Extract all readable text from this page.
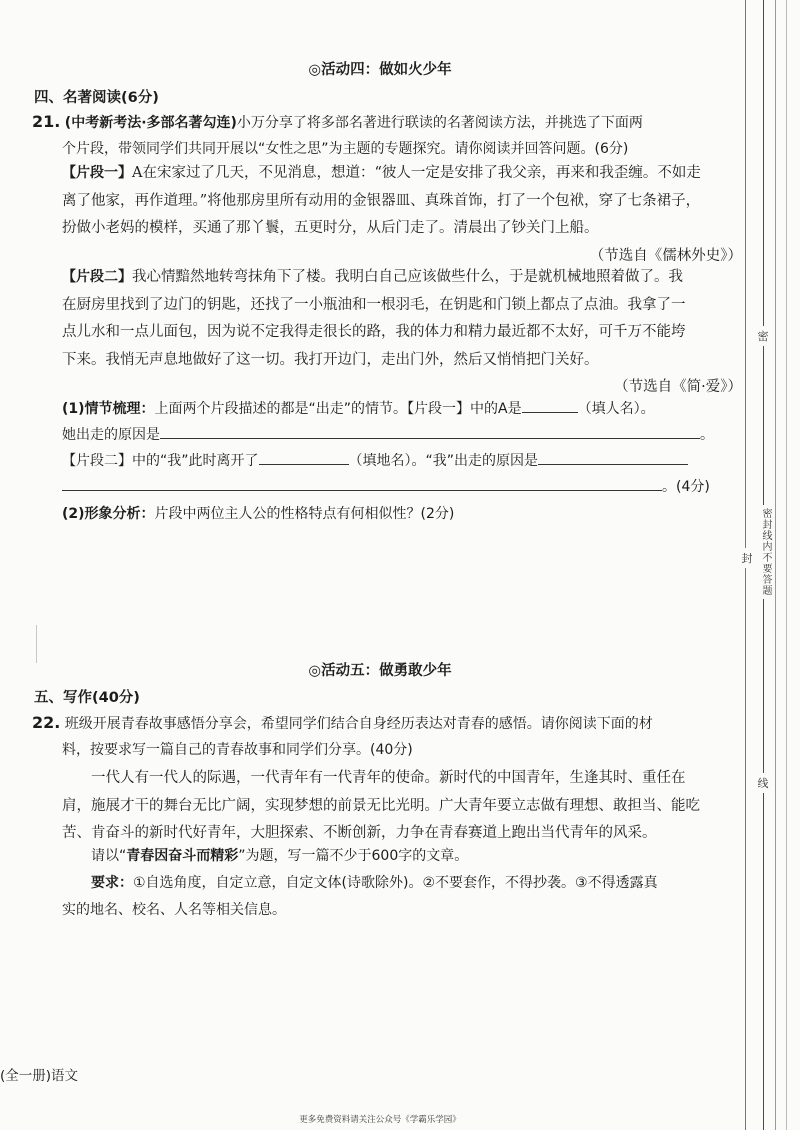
◎活动四：做如火少年
四、名著阅读(6分)
21. (中考新考法·多部名著勾连)小万分享了将多部名著进行联读的名著阅读方法，并挑选了下面两
个片段，带领同学们共同开展以“女性之思”为主题的专题探究。请你阅读并回答问题。(6分)
【片段一】A在宋家过了几天，不见消息，想道：“彼人一定是安排了我父亲，再来和我歪缠。不如走
离了他家，再作道理。”将他那房里所有动用的金银器皿、真珠首饰，打了一个包袱，穿了七条裙子，
扮做小老妈的模样，买通了那丫鬟，五更时分，从后门走了。清晨出了钞关门上船。
（节选自《儒林外史》）
【片段二】我心情黯然地转弯抹角下了楼。我明白自己应该做些什么，于是就机械地照着做了。我
在厨房里找到了边门的钥匙，还找了一小瓶油和一根羽毛，在钥匙和门锁上都点了点油。我拿了一
点儿水和一点儿面包，因为说不定我得走很长的路，我的体力和精力最近都不太好，可千万不能垮
下来。我悄无声息地做好了这一切。我打开边门，走出门外，然后又悄悄把门关好。
（节选自《简·爱》）
(1)情节梳理：上面两个片段描述的都是“出走”的情节。【片段一】中的A是	（填人名）。
她出走的原因是	。
【片段二】中的“我”此时离开了	（填地名）。“我”出走的原因是
。(4分)
(2)形象分析：片段中两位主人公的性格特点有何相似性？(2分)
◎活动五：做勇敢少年
五、写作(40分)
22. 班级开展青春故事感悟分享会，希望同学们结合自身经历表达对青春的感悟。请你阅读下面的材
料，按要求写一篇自己的青春故事和同学们分享。(40分)
一代人有一代人的际遇，一代青年有一代青年的使命。新时代的中国青年，生逢其时、重任在
肩，施展才干的舞台无比广阔，实现梦想的前景无比光明。广大青年要立志做有理想、敢担当、能吃
苦、肯奋斗的新时代好青年，大胆探索、不断创新，力争在青春赛道上跑出当代青年的风采。
请以“青春因奋斗而精彩”为题，写一篇不少于600字的文章。
要求：①自选角度，自定立意，自定文体(诗歌除外)。②不要套作，不得抄袭。③不得透露真
实的地名、校名、人名等相关信息。
(全一册)语文
更多免费资料请关注公众号《学霸乐学园》
密
密封线内不要答题
封
线
